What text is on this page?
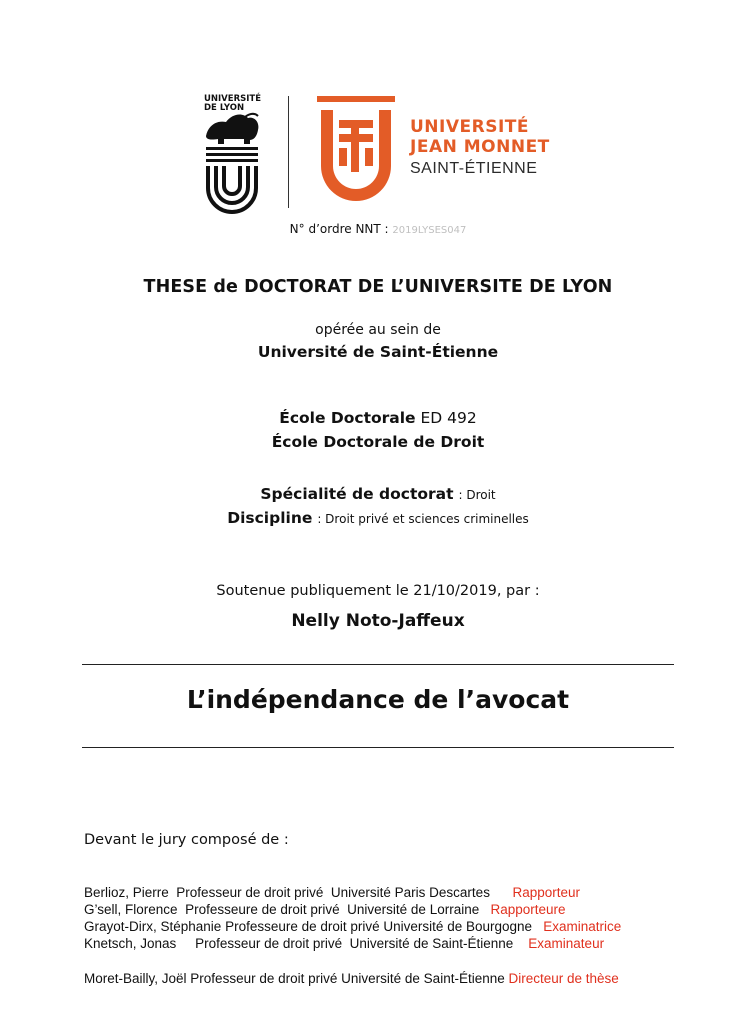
UNIVERSITÉ
DE LYON
UNIVERSITÉ
JEAN MONNET
SAINT-ÉTIENNE
N° d’ordre NNT : 2019LYSES047
THESE de DOCTORAT DE L’UNIVERSITE DE LYON
opérée au sein de
Université de Saint-Étienne
École Doctorale ED 492
École Doctorale de Droit
Spécialité de doctorat : Droit
Discipline : Droit privé et sciences criminelles
Soutenue publiquement le 21/10/2019, par :
Nelly Noto-Jaffeux
L’indépendance de l’avocat
Devant le jury composé de :
Berlioz, Pierre Professeur de droit privé Université Paris Descartes Rapporteur
G’sell, Florence Professeure de droit privé Université de Lorraine Rapporteure
Grayot-Dirx, Stéphanie Professeure de droit privé Université de Bourgogne Examinatrice
Knetsch, Jonas Professeur de droit privé Université de Saint-Étienne Examinateur
Moret-Bailly, Joël Professeur de droit privé Université de Saint-Étienne Directeur de thèse
